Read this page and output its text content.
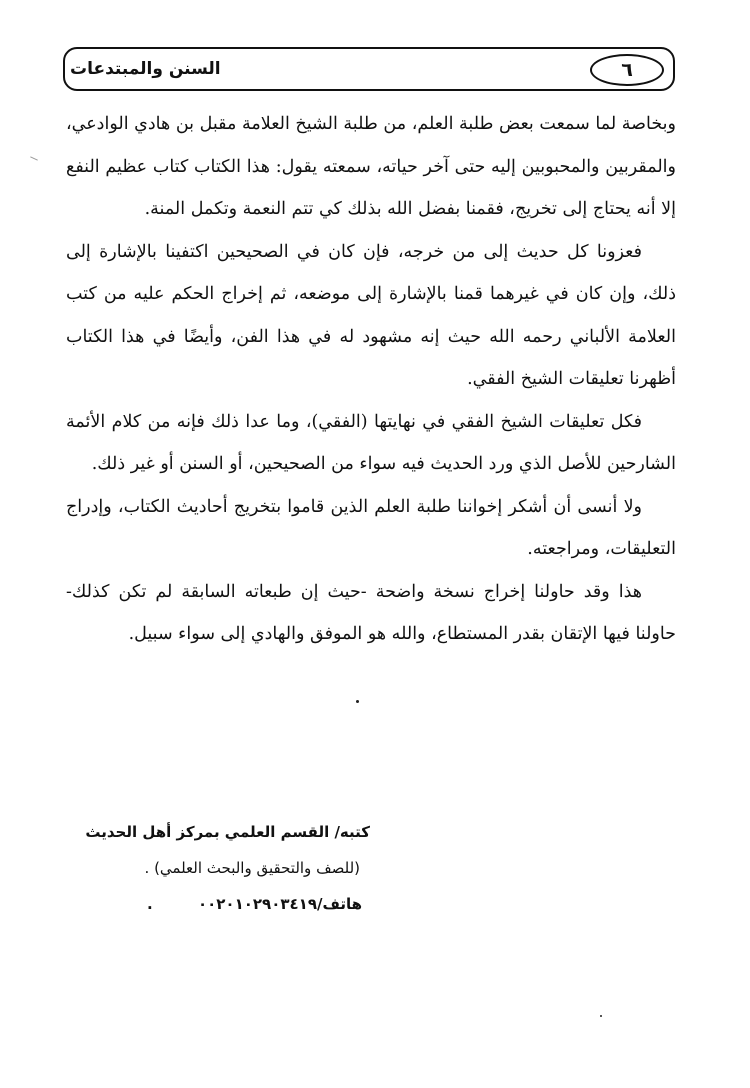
السنن والمبتدعات	٦

وبخاصة لما سمعت بعض طلبة العلم، من طلبة الشيخ العلامة مقبل بن هادي الوادعي، والمقربين والمحبوبين إليه حتى آخر حياته، سمعته يقول: هذا الكتاب كتاب عظيم النفع إلا أنه يحتاج إلى تخريج، فقمنا بفضل الله بذلك كي تتم النعمة وتكمل المنة.

فعزونا كل حديث إلى من خرجه، فإن كان في الصحيحين اكتفينا بالإشارة إلى ذلك، وإن كان في غيرهما قمنا بالإشارة إلى موضعه، ثم إخراج الحكم عليه من كتب العلامة الألباني رحمه الله حيث إنه مشهود له في هذا الفن، وأيضًا في هذا الكتاب أظهرنا تعليقات الشيخ الفقي.

فكل تعليقات الشيخ الفقي في نهايتها (الفقي)، وما عدا ذلك فإنه من كلام الأئمة الشارحين للأصل الذي ورد الحديث فيه سواء من الصحيحين، أو السنن أو غير ذلك.

ولا أنسى أن أشكر إخواننا طلبة العلم الذين قاموا بتخريج أحاديث الكتاب، وإدراج التعليقات، ومراجعته.

هذا وقد حاولنا إخراج نسخة واضحة -حيث إن طبعاته السابقة لم تكن كذلك- حاولنا فيها الإتقان بقدر المستطاع، والله هو الموفق والهادي إلى سواء سبيل.

كتبه/ القسم العلمي بمركز أهل الحديث

(للصف والتحقيق والبحث العلمي) .

هاتف/٠٠٢٠١٠٢٩٠٣٤١٩ .
